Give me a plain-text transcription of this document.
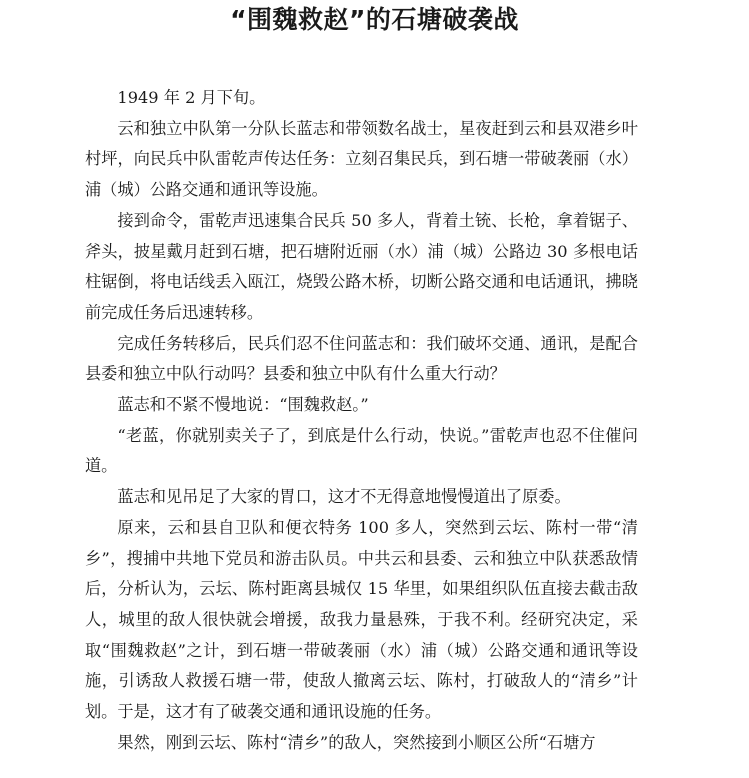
“围魏救赵”的石塘破袭战

1949 年 2 月下旬。

云和独立中队第一分队长蓝志和带领数名战士，星夜赶到云和县双港乡叶村坪，向民兵中队雷乾声传达任务：立刻召集民兵，到石塘一带破袭丽（水）浦（城）公路交通和通讯等设施。

接到命令，雷乾声迅速集合民兵 50 多人，背着土铳、长枪，拿着锯子、斧头，披星戴月赶到石塘，把石塘附近丽（水）浦（城）公路边 30 多根电话柱锯倒，将电话线丢入瓯江，烧毁公路木桥，切断公路交通和电话通讯，拂晓前完成任务后迅速转移。

完成任务转移后，民兵们忍不住问蓝志和：我们破坏交通、通讯，是配合县委和独立中队行动吗？县委和独立中队有什么重大行动？

蓝志和不紧不慢地说：“围魏救赵。”

“老蓝，你就别卖关子了，到底是什么行动，快说。”雷乾声也忍不住催问道。

蓝志和见吊足了大家的胃口，这才不无得意地慢慢道出了原委。

原来，云和县自卫队和便衣特务 100 多人，突然到云坛、陈村一带“清乡”，搜捕中共地下党员和游击队员。中共云和县委、云和独立中队获悉敌情后，分析认为，云坛、陈村距离县城仅 15 华里，如果组织队伍直接去截击敌人，城里的敌人很快就会增援，敌我力量悬殊，于我不利。经研究决定，采取“围魏救赵”之计，到石塘一带破袭丽（水）浦（城）公路交通和通讯等设施，引诱敌人救援石塘一带，使敌人撤离云坛、陈村，打破敌人的“清乡”计划。于是，这才有了破袭交通和通讯设施的任务。

果然，刚到云坛、陈村“清乡”的敌人，突然接到小顺区公所“石塘方
